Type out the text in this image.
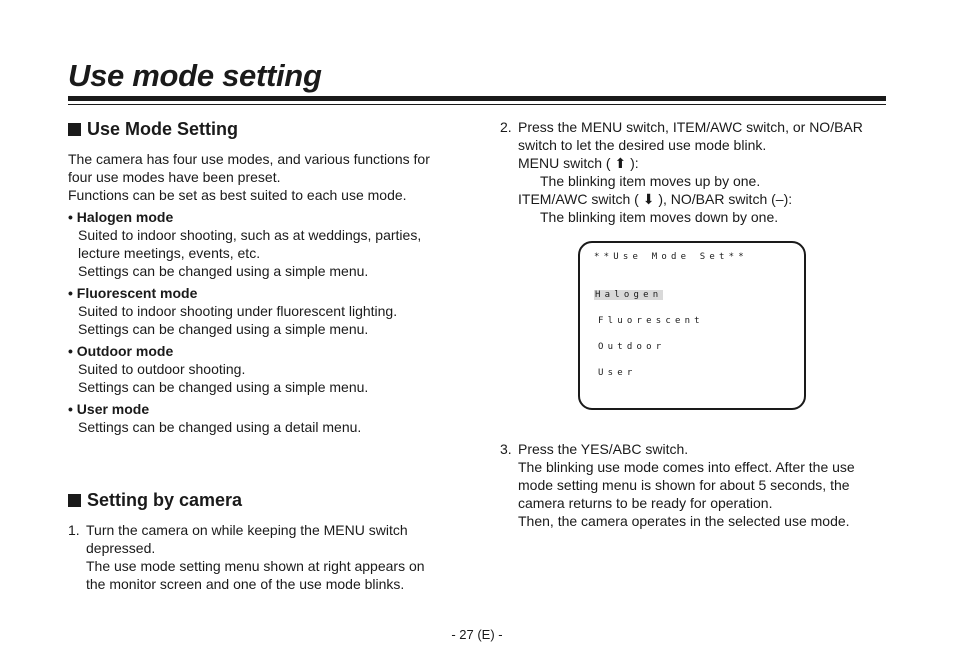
Use mode setting
Use Mode Setting

The camera has four use modes, and various functions for

four use modes have been preset.

Functions can be set as best suited to each use mode.

• Halogen mode

Suited to indoor shooting, such as at weddings, parties,

lecture meetings, events, etc.

Settings can be changed using a simple menu.

• Fluorescent mode

Suited to indoor shooting under fluorescent lighting.

Settings can be changed using a simple menu.

• Outdoor mode

Suited to outdoor shooting.

Settings can be changed using a simple menu.

• User mode

Settings can be changed using a detail menu.

Setting by camera
1. Turn the camera on while keeping the MENU switch

depressed.

The use mode setting menu shown at right appears on

the monitor screen and one of the use mode blinks.

2. Press the MENU switch, ITEM/AWC switch, or NO/BAR

switch to let the desired use mode blink.

MENU switch ( ⬆ ):

The blinking item moves up by one.

ITEM/AWC switch ( ⬇ ), NO/BAR switch (–):

The blinking item moves down by one.

3. Press the YES/ABC switch.

The blinking use mode comes into effect. After the use

mode setting menu is shown for about 5 seconds, the

camera returns to be ready for operation.

Then, the camera operates in the selected use mode.

**Use Mode Set**
Halogen
Fluorescent
Outdoor
User
- 27 (E) -
